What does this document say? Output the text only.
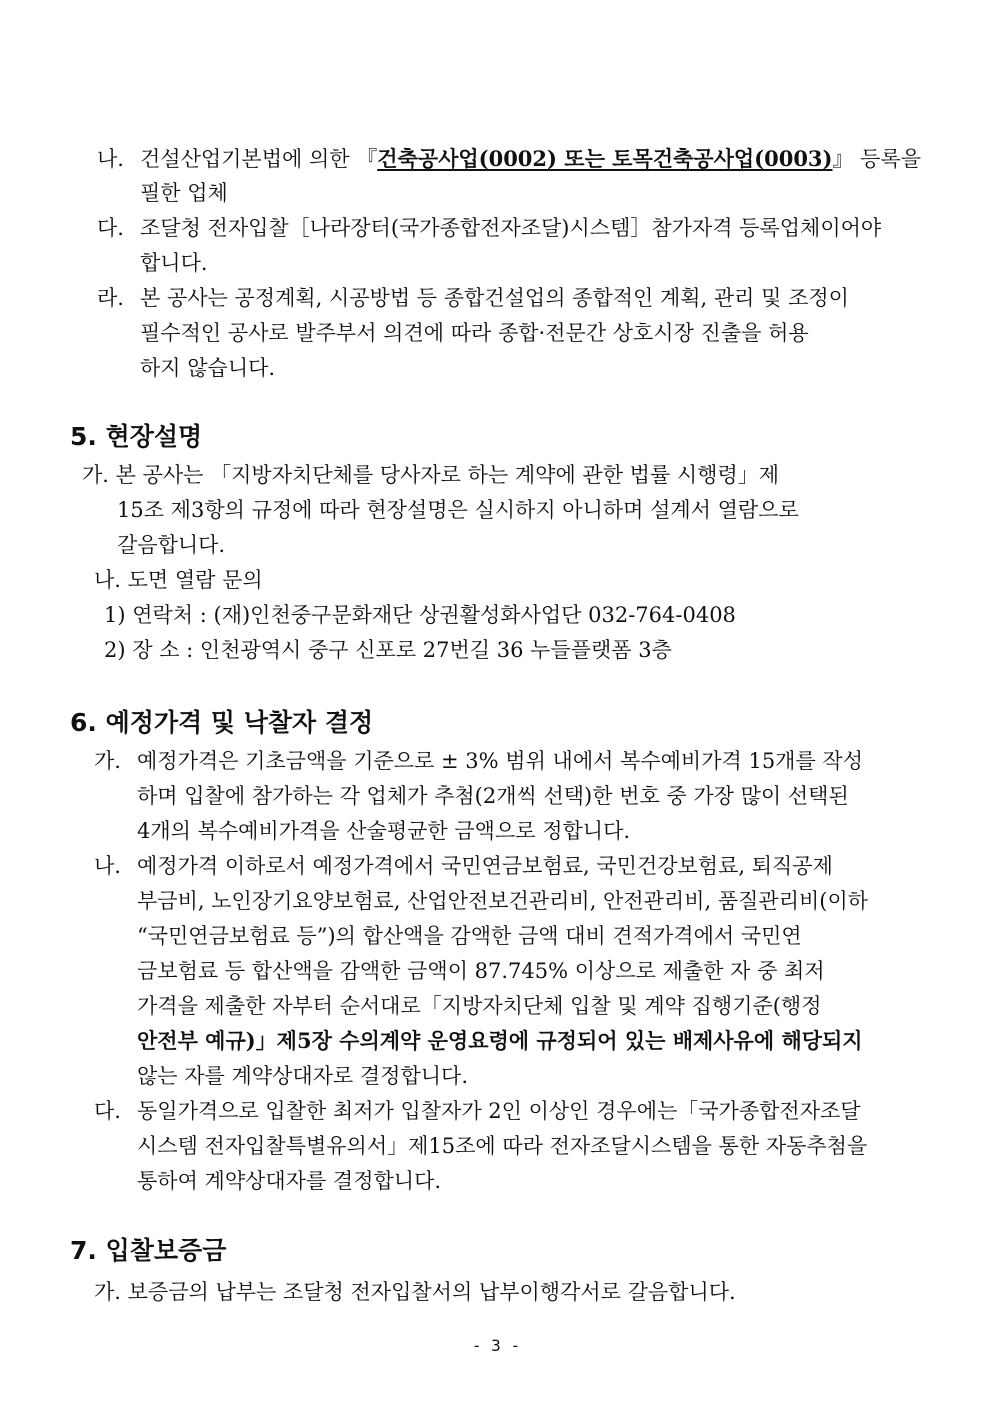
나. 건설산업기본법에 의한 『건축공사업(0002) 또는 토목건축공사업(0003)』 등록을
필한 업체
다. 조달청 전자입찰［나라장터(국가종합전자조달)시스템］참가자격 등록업체이어야
합니다.
라. 본 공사는 공정계획, 시공방법 등 종합건설업의 종합적인 계획, 관리 및 조정이
필수적인 공사로 발주부서 의견에 따라 종합·전문간 상호시장 진출을 허용
하지 않습니다.
5. 현장설명
가. 본 공사는 「지방자치단체를 당사자로 하는 계약에 관한 법률 시행령」제
15조 제3항의 규정에 따라 현장설명은 실시하지 아니하며 설계서 열람으로
갈음합니다.
나. 도면 열람 문의
1) 연락처 : (재)인천중구문화재단 상권활성화사업단 032-764-0408
2) 장 소 : 인천광역시 중구 신포로 27번길 36 누들플랫폼 3층
6. 예정가격 및 낙찰자 결정
가. 예정가격은 기초금액을 기준으로 ± 3% 범위 내에서 복수예비가격 15개를 작성
하며 입찰에 참가하는 각 업체가 추첨(2개씩 선택)한 번호 중 가장 많이 선택된
4개의 복수예비가격을 산술평균한 금액으로 정합니다.
나. 예정가격 이하로서 예정가격에서 국민연금보험료, 국민건강보험료, 퇴직공제
부금비, 노인장기요양보험료, 산업안전보건관리비, 안전관리비, 품질관리비(이하
“국민연금보험료 등”)의 합산액을 감액한 금액 대비 견적가격에서 국민연
금보험료 등 합산액을 감액한 금액이 87.745% 이상으로 제출한 자 중 최저
가격을 제출한 자부터 순서대로「지방자치단체 입찰 및 계약 집행기준(행정
안전부 예규)」제5장 수의계약 운영요령에 규정되어 있는 배제사유에 해당되지
않는 자를 계약상대자로 결정합니다.
다. 동일가격으로 입찰한 최저가 입찰자가 2인 이상인 경우에는「국가종합전자조달
시스템 전자입찰특별유의서」제15조에 따라 전자조달시스템을 통한 자동추첨을
통하여 계약상대자를 결정합니다.
7. 입찰보증금
가. 보증금의 납부는 조달청 전자입찰서의 납부이행각서로 갈음합니다.
- 3 -
